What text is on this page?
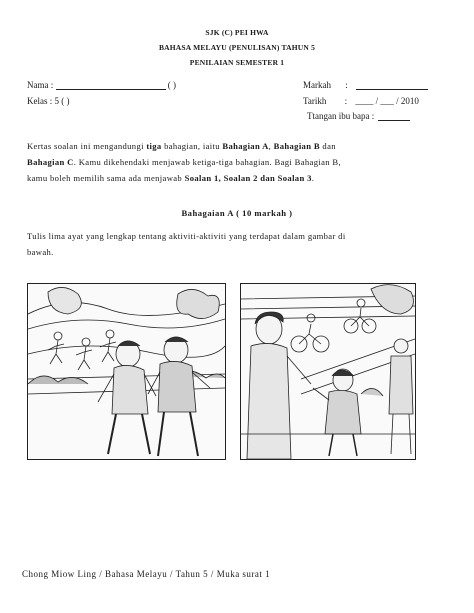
SJK (C) PEI HWA
BAHASA MELAYU (PENULISAN) TAHUN 5
PENILAIAN SEMESTER 1
Nama :	( )
Kelas : 5 ( )
Markah :
Tarikh : ____ / ___ / 2010
Ttangan ibu bapa :
Kertas soalan ini mengandungi tiga bahagian, iaitu Bahagian A, Bahagian B dan
Bahagian C. Kamu dikehendaki menjawab ketiga-tiga bahagian. Bagi Bahagian B,
kamu boleh memilih sama ada menjawab Soalan 1, Soalan 2 dan Soalan 3.
Bahagaian A ( 10 markah )
Tulis lima ayat yang lengkap tentang aktiviti-aktiviti yang terdapat dalam gambar di
bawah.
Chong Miow Ling / Bahasa Melayu / Tahun 5 / Muka surat 1
